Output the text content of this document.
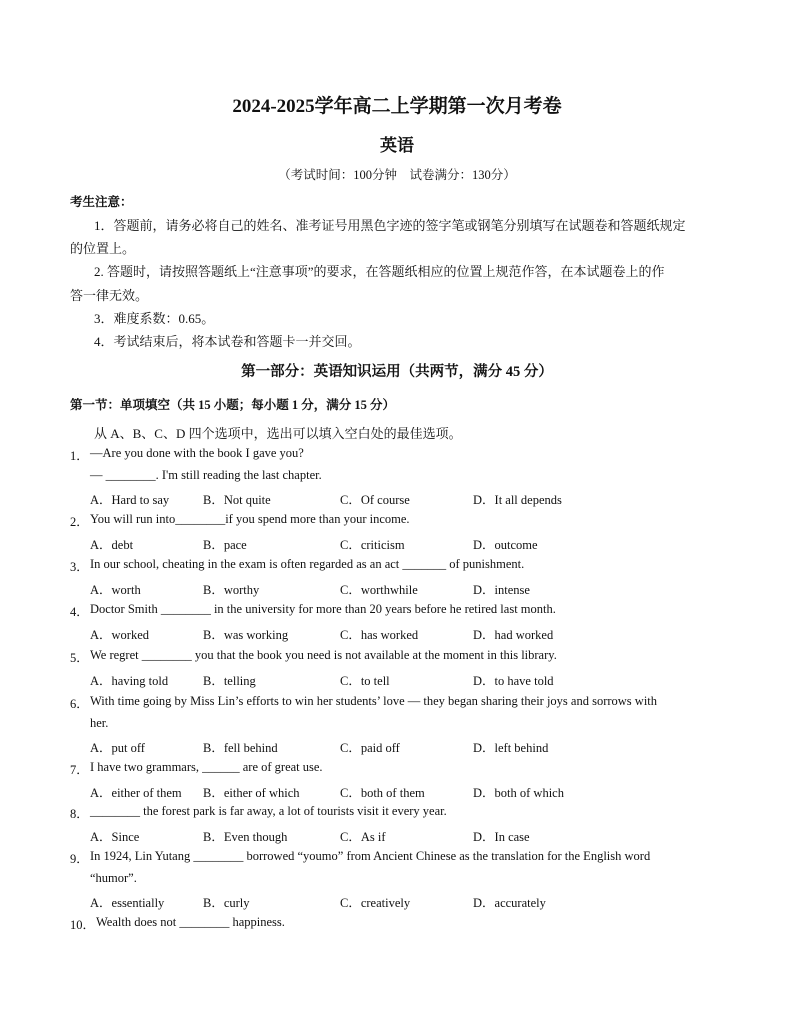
2024-2025学年高二上学期第一次月考卷
英语
（考试时间：100分钟　试卷满分：130分）
考生注意：
1．答题前，请务必将自己的姓名、准考证号用黑色字迹的签字笔或钢笔分别填写在试题卷和答题纸规定
的位置上。
2. 答题时，请按照答题纸上“注意事项”的要求，在答题纸相应的位置上规范作答，在本试题卷上的作
答一律无效。
3．难度系数：0.65。
4．考试结束后，将本试卷和答题卡一并交回。
第一部分：英语知识运用（共两节，满分 45 分）
第一节：单项填空（共 15 小题；每小题 1 分，满分 15 分）
从 A、B、C、D 四个选项中，选出可以填入空白处的最佳选项。
1． —Are you done with the book I gave you?
— ________. I'm still reading the last chapter.
A．Hard to say	B．Not quite	C．Of course	D．It all depends
2． You will run into________if you spend more than your income.
A．debt	B．pace	C．criticism	D．outcome
3． In our school, cheating in the exam is often regarded as an act _______ of punishment.
A．worth	B．worthy	C．worthwhile	D．intense
4． Doctor Smith ________ in the university for more than 20 years before he retired last month.
A．worked	B．was working	C．has worked	D．had worked
5． We regret ________ you that the book you need is not available at the moment in this library.
A．having told	B．telling	C．to tell	D．to have told
6． With time going by Miss Lin’s efforts to win her students’ love — they began sharing their joys and sorrows with
her.
A．put off	B．fell behind	C．paid off	D．left behind
7． I have two grammars, ______ are of great use.
A．either of them B．either of which	C．both of them	D．both of which
8． ________ the forest park is far away, a lot of tourists visit it every year.
A．Since	B．Even though	C．As if	D．In case
9． In 1924, Lin Yutang ________ borrowed “youmo” from Ancient Chinese as the translation for the English word
“humor”.
A．essentially	B．curly	C．creatively	D．accurately
10． Wealth does not ________ happiness.
